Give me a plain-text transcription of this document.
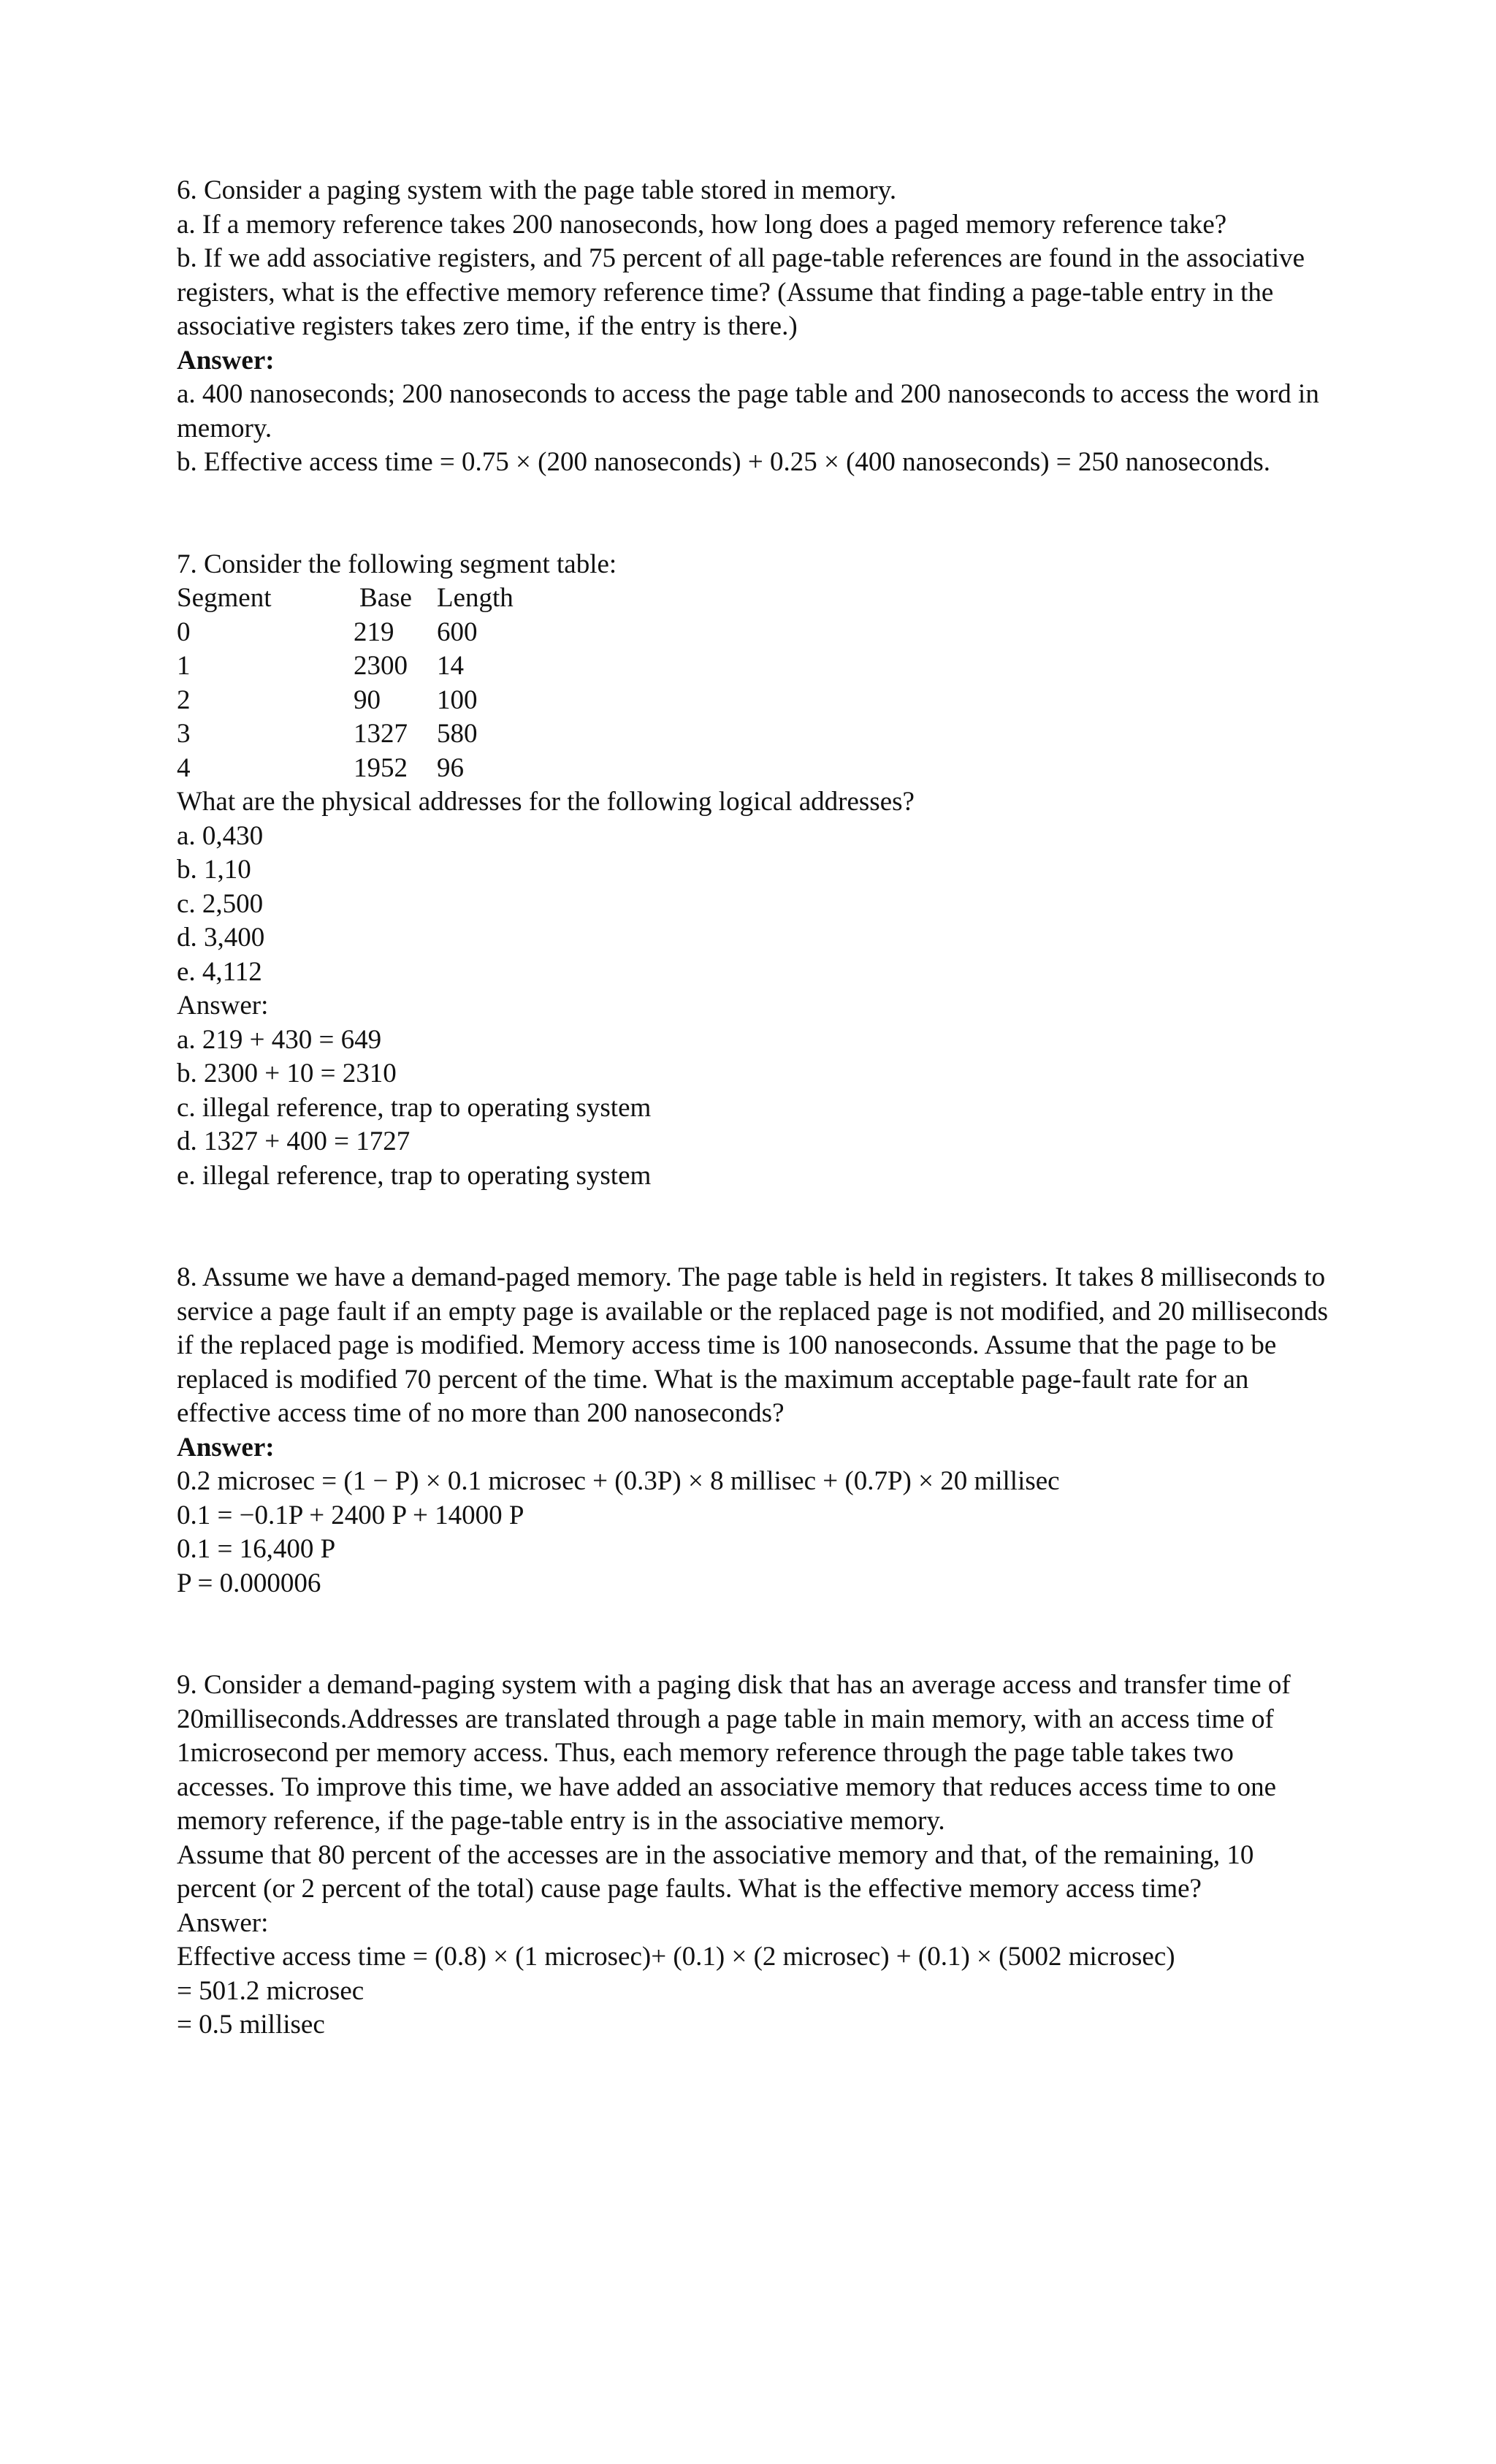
6. Consider a paging system with the page table stored in memory.

a. If a memory reference takes 200 nanoseconds, how long does a paged memory reference take?

b. If we add associative registers, and 75 percent of all page-table references are found in the associative registers, what is the effective memory reference time? (Assume that finding a page-table entry in the associative registers takes zero time, if the entry is there.)

Answer:

a. 400 nanoseconds; 200 nanoseconds to access the page table and 200 nanoseconds to access the word in memory.

b. Effective access time = 0.75 × (200 nanoseconds) + 0.25 × (400 nanoseconds) = 250 nanoseconds.

7. Consider the following segment table:

Segment	Base Length
0	219	600
1	2300	14
2	90	100
3	1327	580
4	1952	96

What are the physical addresses for the following logical addresses?

a. 0,430

b. 1,10

c. 2,500

d. 3,400

e. 4,112

Answer:

a. 219 + 430 = 649

b. 2300 + 10 = 2310

c. illegal reference, trap to operating system

d. 1327 + 400 = 1727

e. illegal reference, trap to operating system

8. Assume we have a demand-paged memory. The page table is held in registers. It takes 8 milliseconds to service a page fault if an empty page is available or the replaced page is not modified, and 20 milliseconds if the replaced page is modified. Memory access time is 100 nanoseconds. Assume that the page to be replaced is modified 70 percent of the time. What is the maximum acceptable page-fault rate for an effective access time of no more than 200 nanoseconds?

Answer:

0.2 microsec = (1 − P) × 0.1 microsec + (0.3P) × 8 millisec + (0.7P) × 20 millisec

0.1 = −0.1P + 2400 P + 14000 P

0.1 = 16,400 P

P = 0.000006

9. Consider a demand-paging system with a paging disk that has an average access and transfer time of 20milliseconds.Addresses are translated through a page table in main memory, with an access time of 1microsecond per memory access. Thus, each memory reference through the page table takes two accesses. To improve this time, we have added an associative memory that reduces access time to one memory reference, if the page-table entry is in the associative memory.

Assume that 80 percent of the accesses are in the associative memory and that, of the remaining, 10 percent (or 2 percent of the total) cause page faults. What is the effective memory access time?

Answer:

Effective access time = (0.8) × (1 microsec)+ (0.1) × (2 microsec) + (0.1) × (5002 microsec)

= 501.2 microsec

= 0.5 millisec
